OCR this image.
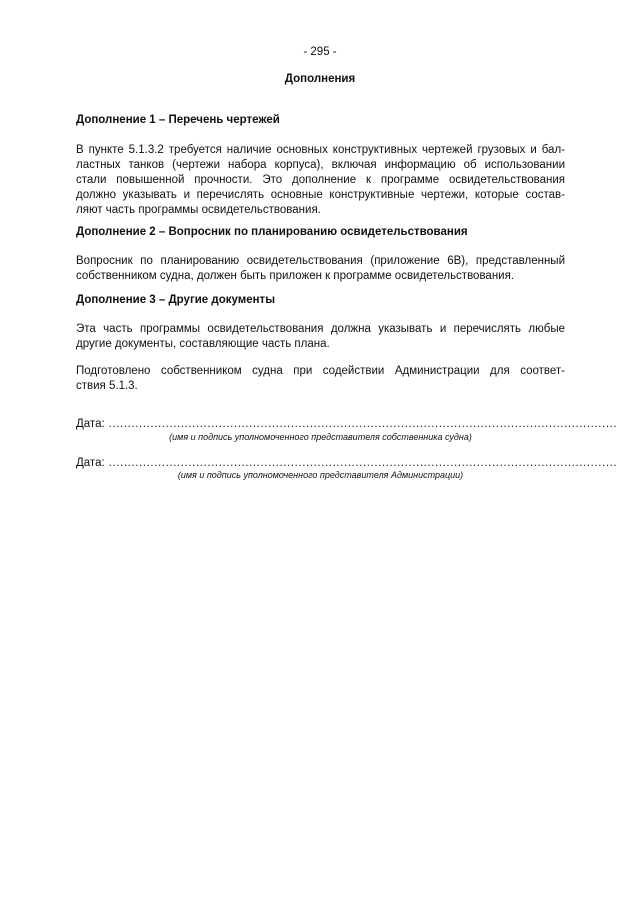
- 295 -
Дополнения
Дополнение 1 – Перечень чертежей
В пункте 5.1.3.2 требуется наличие основных конструктивных чертежей грузовых и бал-
ластных танков (чертежи набора корпуса), включая информацию об использовании
стали повышенной прочности. Это дополнение к программе освидетельствования
должно указывать и перечислять основные конструктивные чертежи, которые состав-
ляют часть программы освидетельствования.
Дополнение 2 – Вопросник по планированию освидетельствования
Вопросник по планированию освидетельствования (приложение 6В), представленный
собственником судна, должен быть приложен к программе освидетельствования.
Дополнение 3 – Другие документы
Эта часть программы освидетельствования должна указывать и перечислять любые
другие документы, составляющие часть плана.
Подготовлено собственником судна при содействии Администрации для соответ-
ствия 5.1.3.
Дата: ......................................................................................................................................
(имя и подпись уполномоченного представителя собственника судна)
Дата: ......................................................................................................................................
(имя и подпись уполномоченного представителя Администрации)
